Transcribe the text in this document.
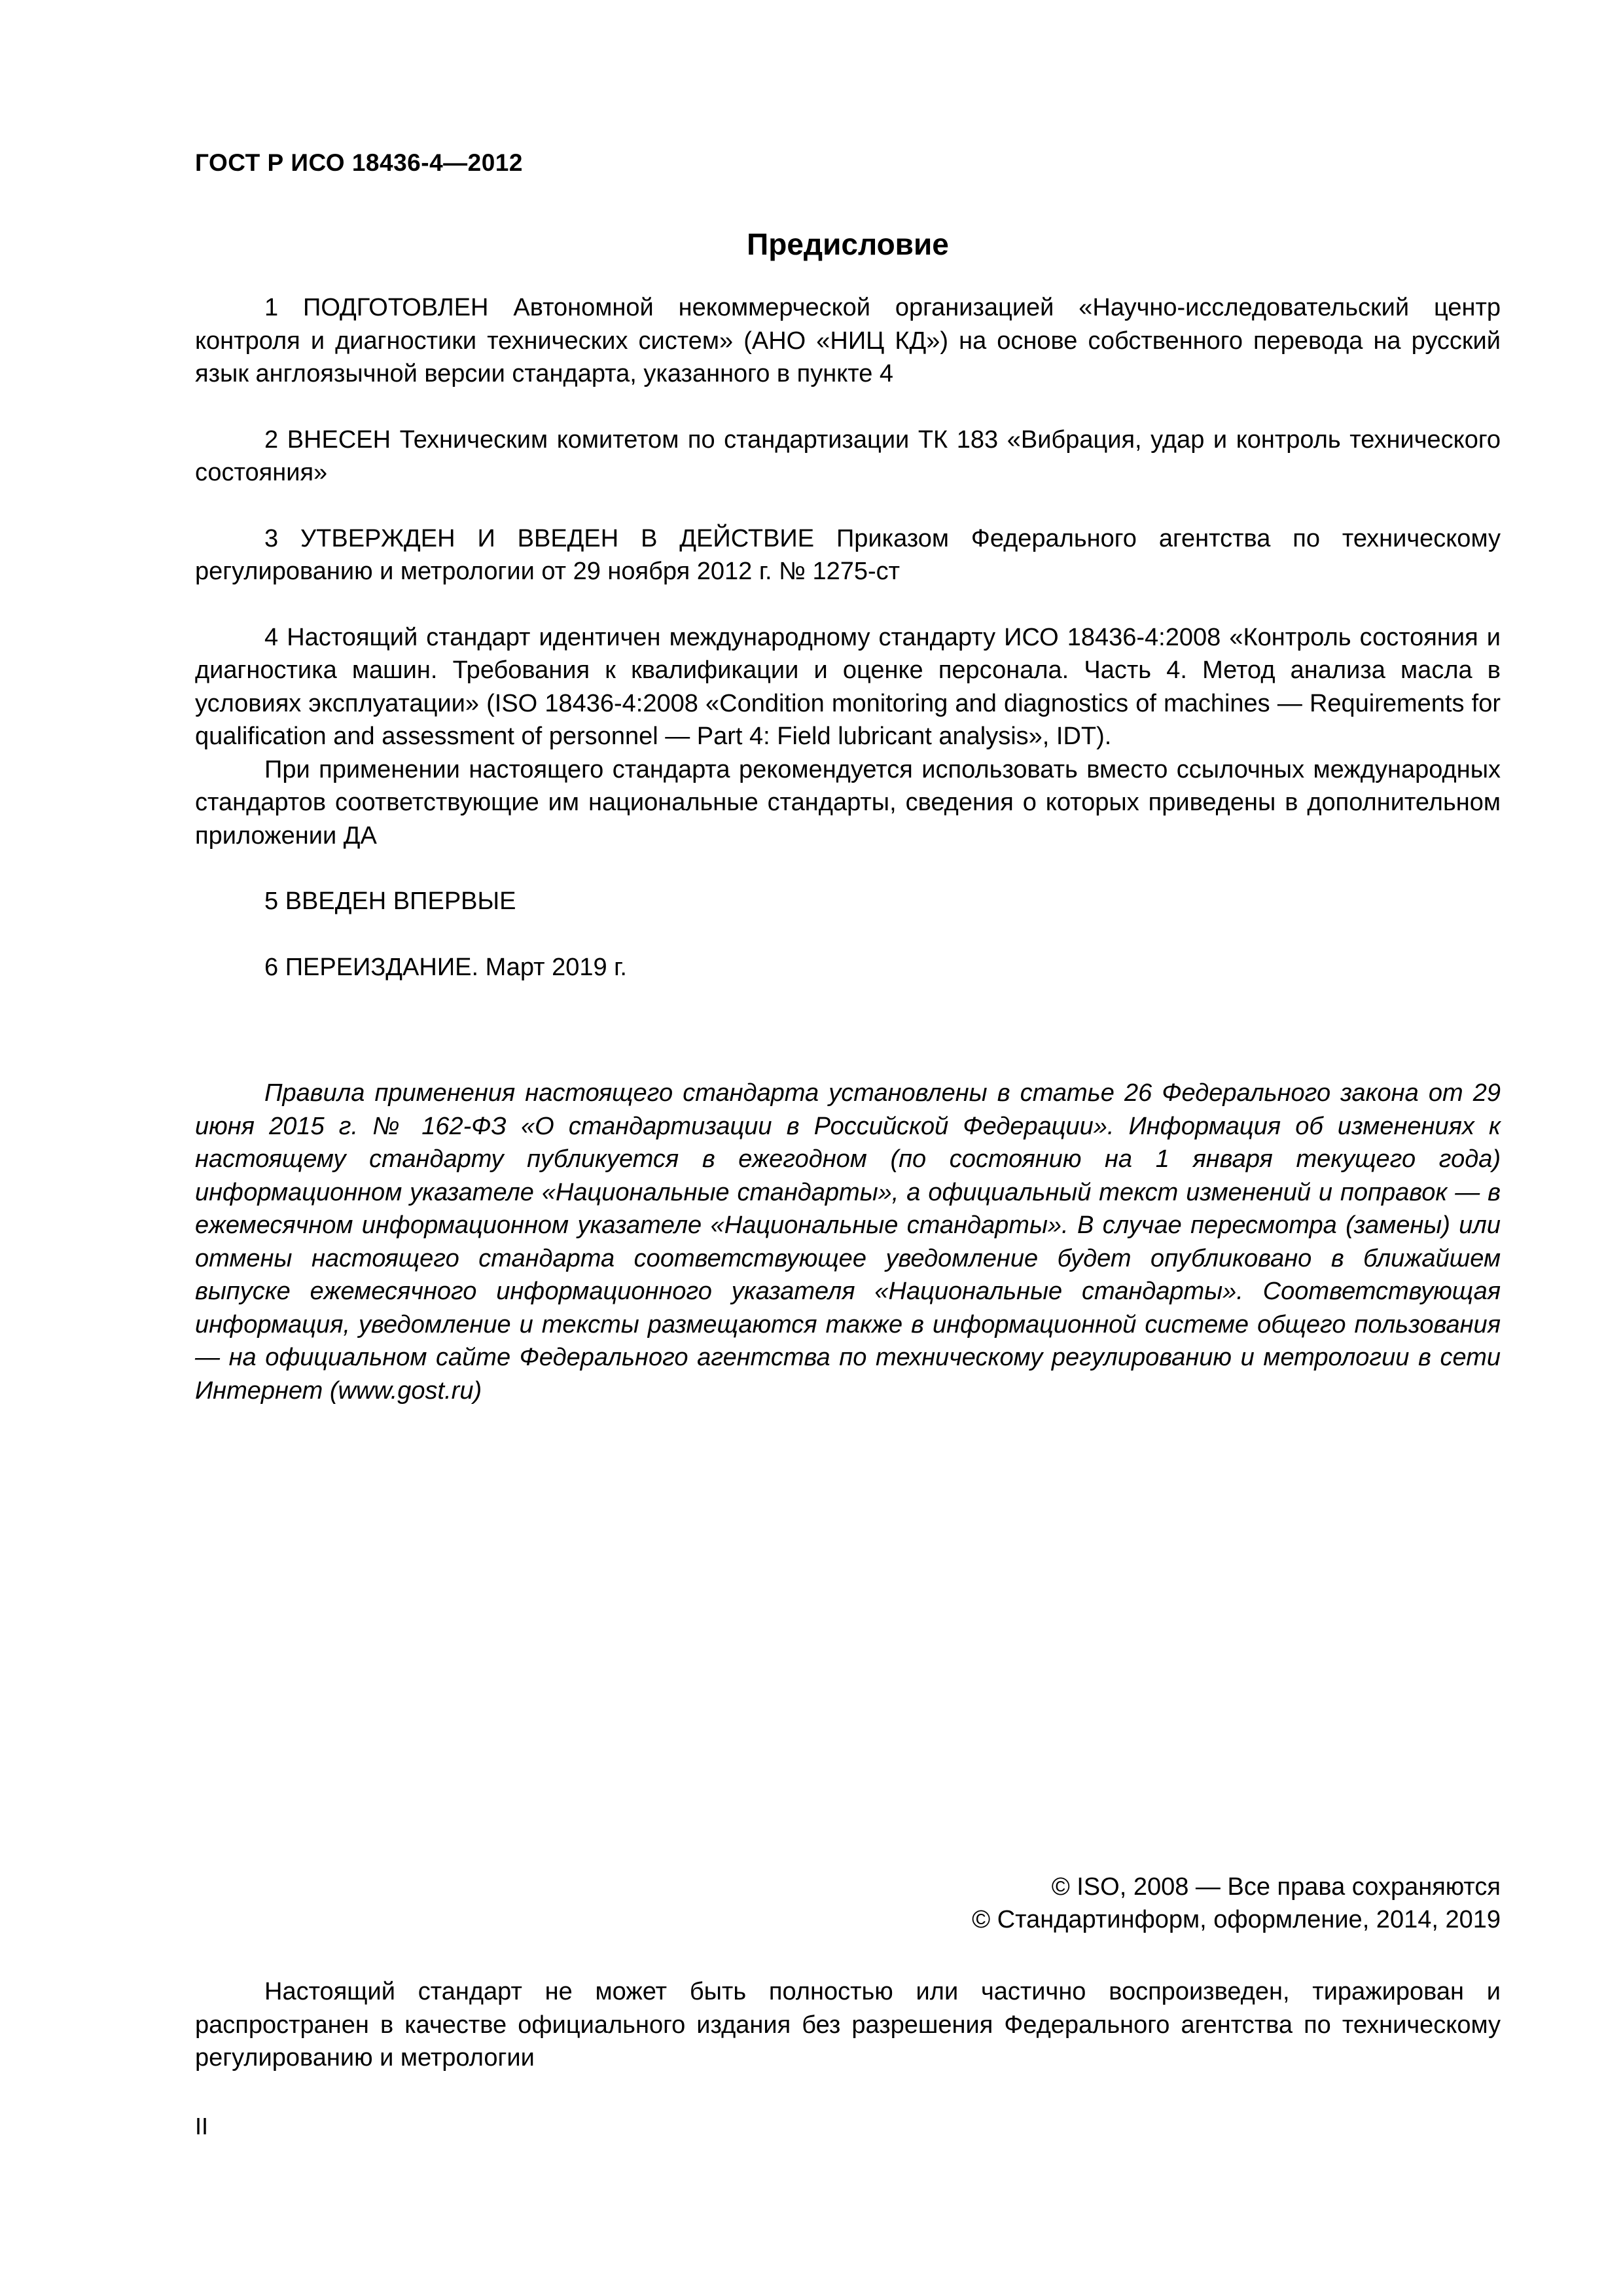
ГОСТ Р ИСО 18436-4—2012
Предисловие

1 ПОДГОТОВЛЕН Автономной некоммерческой организацией «Научно-исследовательский центр контроля и диагностики технических систем» (АНО «НИЦ КД») на основе собственного перевода на русский язык англоязычной версии стандарта, указанного в пункте 4

2 ВНЕСЕН Техническим комитетом по стандартизации ТК 183 «Вибрация, удар и контроль технического состояния»

3 УТВЕРЖДЕН И ВВЕДЕН В ДЕЙСТВИЕ Приказом Федерального агентства по техническому регулированию и метрологии от 29 ноября 2012 г. № 1275-ст

4 Настоящий стандарт идентичен международному стандарту ИСО 18436-4:2008 «Контроль состояния и диагностика машин. Требования к квалификации и оценке персонала. Часть 4. Метод анализа масла в условиях эксплуатации» (ISO 18436-4:2008 «Condition monitoring and diagnostics of machines — Requirements for qualification and assessment of personnel — Part 4: Field lubricant analysis», IDT).

При применении настоящего стандарта рекомендуется использовать вместо ссылочных международных стандартов соответствующие им национальные стандарты, сведения о которых приведены в дополнительном приложении ДА

5 ВВЕДЕН ВПЕРВЫЕ

6 ПЕРЕИЗДАНИЕ. Март 2019 г.

Правила применения настоящего стандарта установлены в статье 26 Федерального закона от 29 июня 2015 г. № 162-ФЗ «О стандартизации в Российской Федерации». Информация об изменениях к настоящему стандарту публикуется в ежегодном (по состоянию на 1 января текущего года) информационном указателе «Национальные стандарты», а официальный текст изменений и поправок — в ежемесячном информационном указателе «Национальные стандарты». В случае пересмотра (замены) или отмены настоящего стандарта соответствующее уведомление будет опубликовано в ближайшем выпуске ежемесячного информационного указателя «Национальные стандарты». Соответствующая информация, уведомление и тексты размещаются также в информационной системе общего пользования — на официальном сайте Федерального агентства по техническому регулированию и метрологии в сети Интернет (www.gost.ru)

© ISO, 2008 — Все права сохраняются
© Стандартинформ, оформление, 2014, 2019

Настоящий стандарт не может быть полностью или частично воспроизведен, тиражирован и распространен в качестве официального издания без разрешения Федерального агентства по техническому регулированию и метрологии

II
